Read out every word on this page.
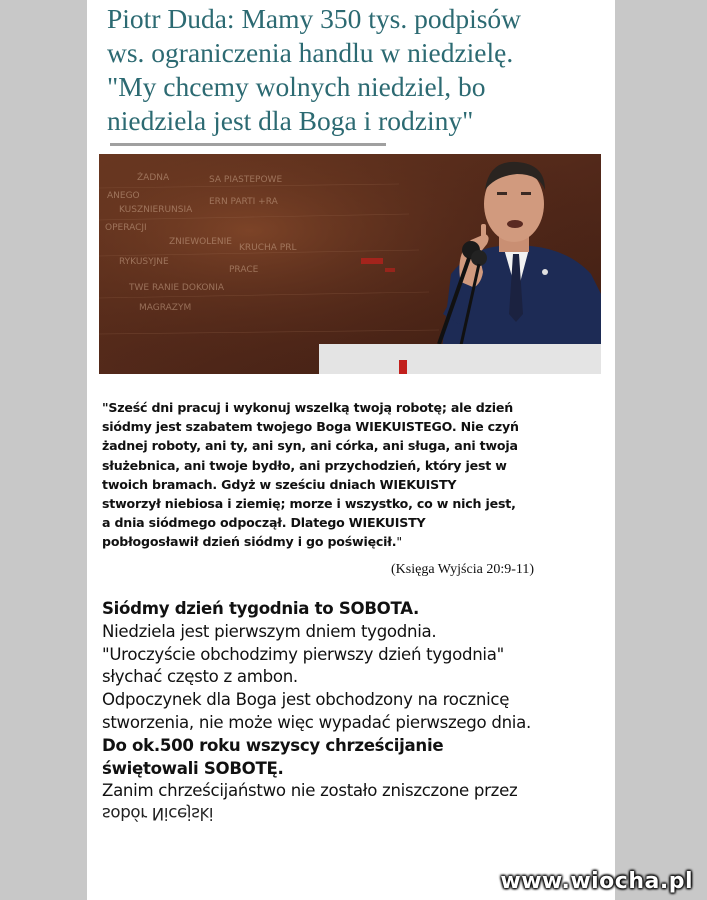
Piotr Duda: Mamy 350 tys. podpisów
ws. ograniczenia handlu w niedzielę.
"My chcemy wolnych niedziel, bo
niedziela jest dla Boga i rodziny"
ŻADNA	SA PIASTEPOWE
ANEGO
KUSZNIERUNSIA
ERN PARTI +RA
OPERACJI
ZNIEWOLENIE
KRUCHA PRL
RYKUSYJNE
PRACE
TWE RANIE DOKONIA
MAGRAZYM
"Sześć dni pracuj i wykonuj wszelką twoją robotę; ale dzień
siódmy jest szabatem twojego Boga WIEKUISTEGO. Nie czyń
żadnej roboty, ani ty, ani syn, ani córka, ani sługa, ani twoja
służebnica, ani twoje bydło, ani przychodzień, który jest w
twoich bramach. Gdyż w sześciu dniach WIEKUISTY
stworzył niebiosa i ziemię; morze i wszystko, co w nich jest,
a dnia siódmego odpoczął. Dlatego WIEKUISTY
pobłogosławił dzień siódmy i go poświęcił."
(Księga Wyjścia 20:9-11)
Siódmy dzień tygodnia to SOBOTA.
Niedziela jest pierwszym dniem tygodnia.
"Uroczyście obchodzimy pierwszy dzień tygodnia"
słychać często z ambon.
Odpoczynek dla Boga jest obchodzony na rocznicę
stworzenia, nie może więc wypadać pierwszego dnia.
Do ok.500 roku wszyscy chrześcijanie
świętowali SOBOTĘ.
Zanim chrześcijaństwo nie zostało zniszczone przez
sobór Nicejski
www.wiocha.pl
